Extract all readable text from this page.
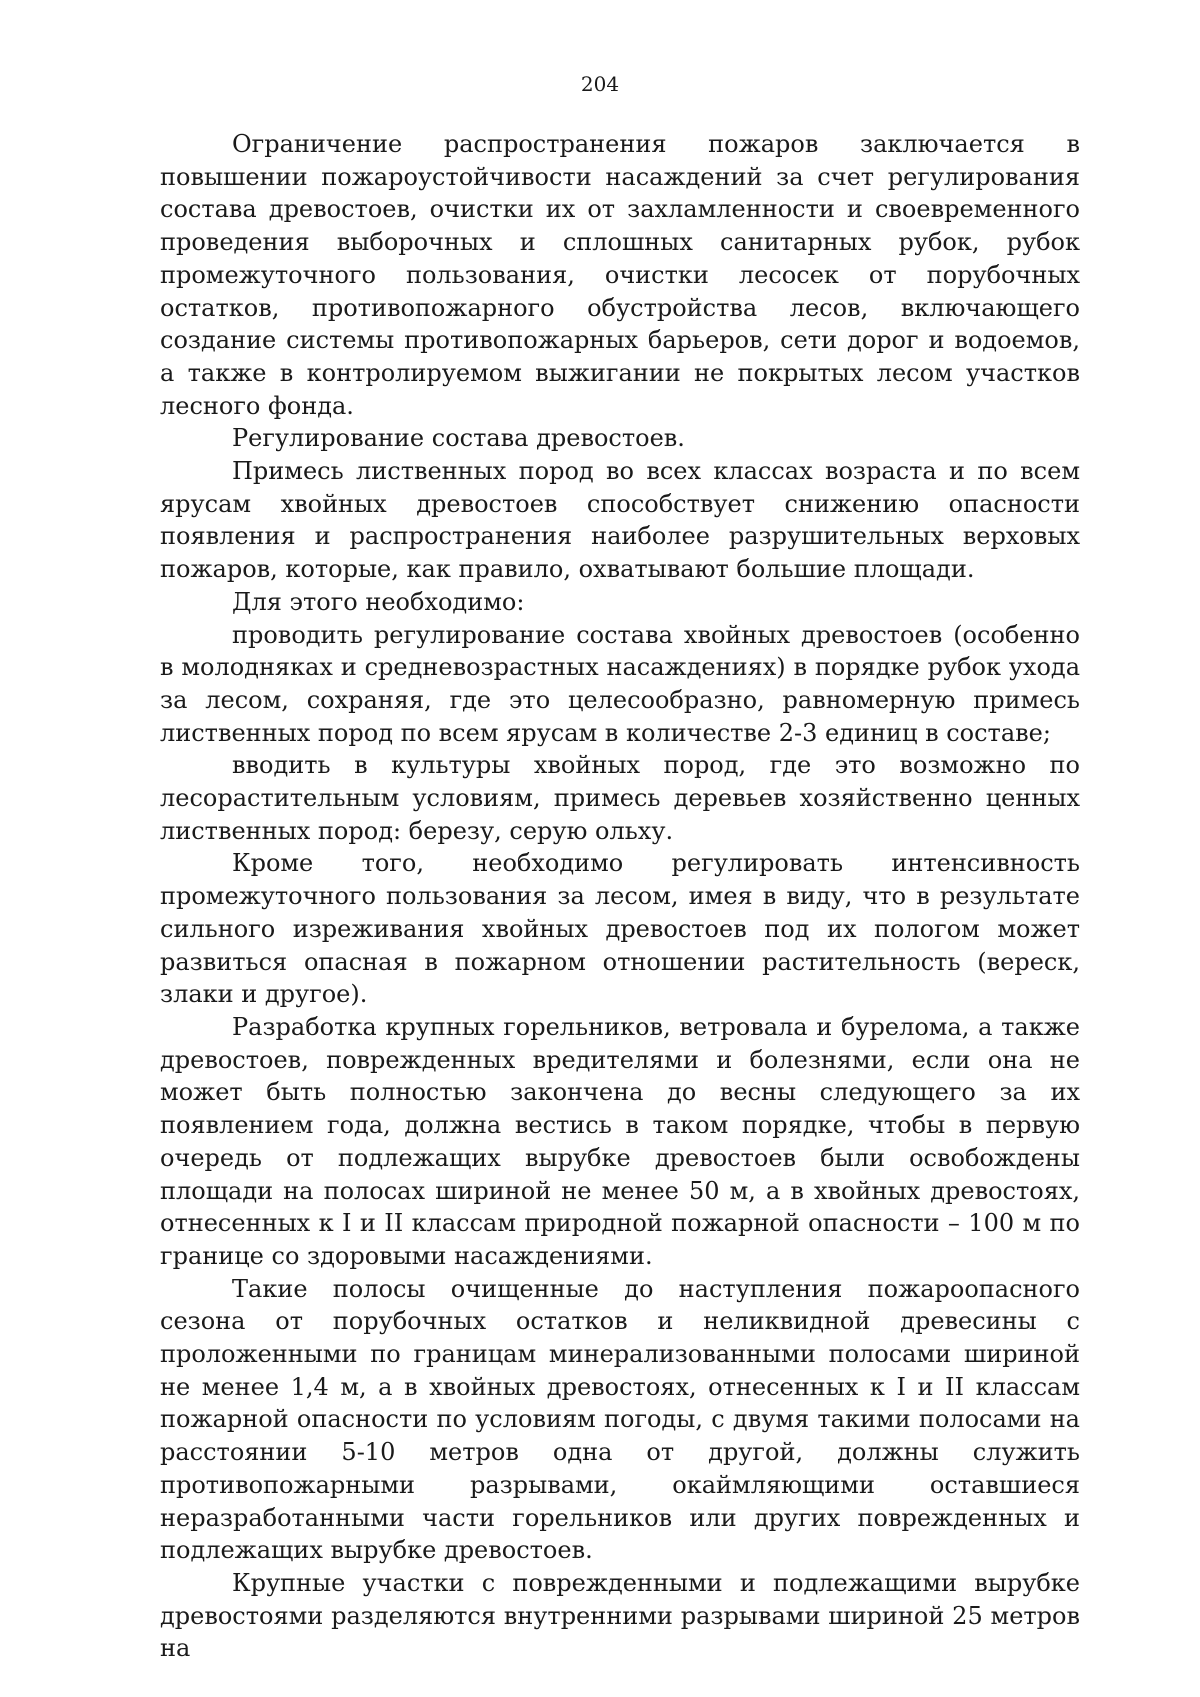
204

Ограничение распространения пожаров заключается в повышении пожароустойчивости насаждений за счет регулирования состава древостоев, очистки их от захламленности и своевременного проведения выборочных и сплошных санитарных рубок, рубок промежуточного пользования, очистки лесосек от порубочных остатков, противопожарного обустройства лесов, включающего создание системы противопожарных барьеров, сети дорог и водоемов, а также в контролируемом выжигании не покрытых лесом участков лесного фонда.

Регулирование состава древостоев.

Примесь лиственных пород во всех классах возраста и по всем ярусам хвойных древостоев способствует снижению опасности появления и распространения наиболее разрушительных верховых пожаров, которые, как правило, охватывают большие площади.

Для этого необходимо:

проводить регулирование состава хвойных древостоев (особенно в молодняках и средневозрастных насаждениях) в порядке рубок ухода за лесом, сохраняя, где это целесообразно, равномерную примесь лиственных пород по всем ярусам в количестве 2-3 единиц в составе;

вводить в культуры хвойных пород, где это возможно по лесорастительным условиям, примесь деревьев хозяйственно ценных лиственных пород: березу, серую ольху.

Кроме того, необходимо регулировать интенсивность промежуточного пользования за лесом, имея в виду, что в результате сильного изреживания хвойных древостоев под их пологом может развиться опасная в пожарном отношении растительность (вереск, злаки и другое).

Разработка крупных горельников, ветровала и бурелома, а также древостоев, поврежденных вредителями и болезнями, если она не может быть полностью закончена до весны следующего за их появлением года, должна вестись в таком порядке, чтобы в первую очередь от подлежащих вырубке древостоев были освобождены площади на полосах шириной не менее 50 м, а в хвойных древостоях, отнесенных к I и II классам природной пожарной опасности – 100 м по границе со здоровыми насаждениями.

Такие полосы очищенные до наступления пожароопасного сезона от порубочных остатков и неликвидной древесины с проложенными по границам минерализованными полосами шириной не менее 1,4 м, а в хвойных древостоях, отнесенных к I и II классам пожарной опасности по условиям погоды, с двумя такими полосами на расстоянии 5-10 метров одна от другой, должны служить противопожарными разрывами, окаймляющими оставшиеся неразработанными части горельников или других поврежденных и подлежащих вырубке древостоев.

Крупные участки с поврежденными и подлежащими вырубке древостоями разделяются внутренними разрывами шириной 25 метров на
